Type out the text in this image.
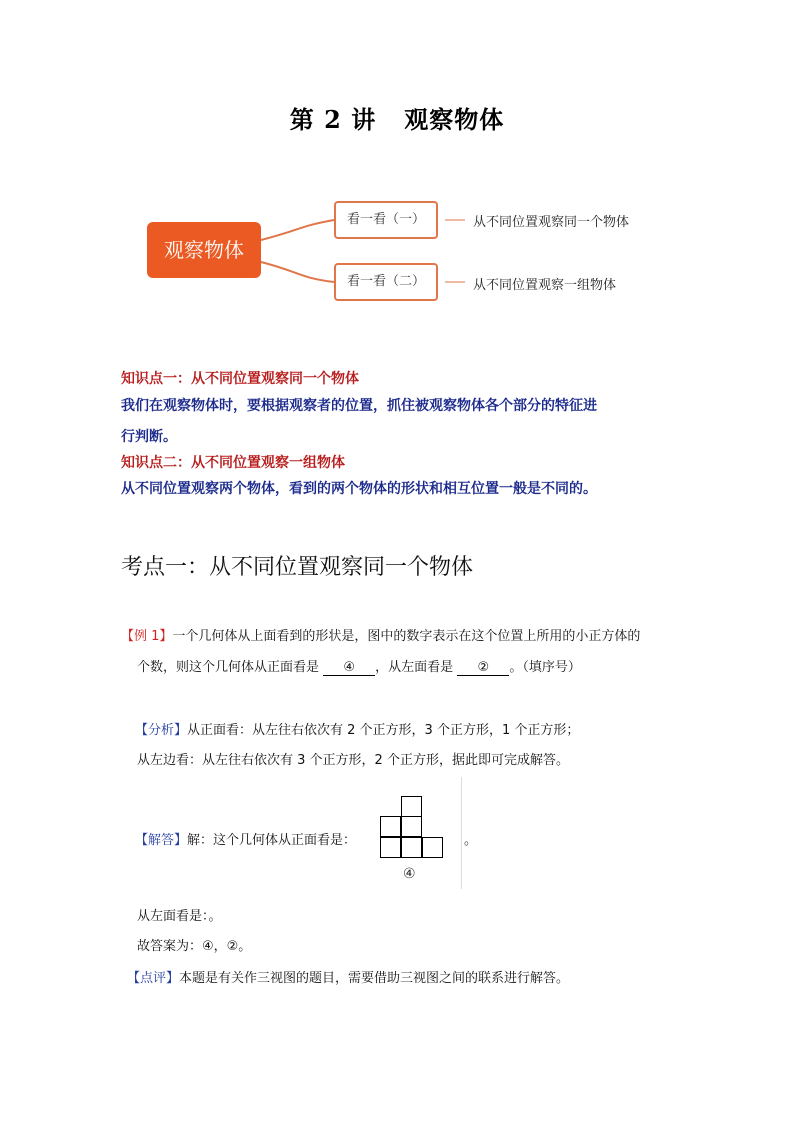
第 2 讲 观察物体
观察物体
看一看（一）
看一看（二）
从不同位置观察同一个物体
从不同位置观察一组物体
知识点一：从不同位置观察同一个物体
我们在观察物体时，要根据观察者的位置，抓住被观察物体各个部分的特征进
行判断。
知识点二：从不同位置观察一组物体
从不同位置观察两个物体，看到的两个物体的形状和相互位置一般是不同的。
考点一：从不同位置观察同一个物体
【例 1】一个几何体从上面看到的形状是，图中的数字表示在这个位置上所用的小正方体的
个数，则这个几何体从正面看是 ④ ，从左面看是 ② 。（填序号）
【分析】从正面看：从左往右依次有 2 个正方形，3 个正方形，1 个正方形；
从左边看：从左往右依次有 3 个正方形，2 个正方形，据此即可完成解答。
【解答】解：这个几何体从正面看是：
④
。
从左面看是：。
故答案为：④，②。
【点评】本题是有关作三视图的题目，需要借助三视图之间的联系进行解答。
